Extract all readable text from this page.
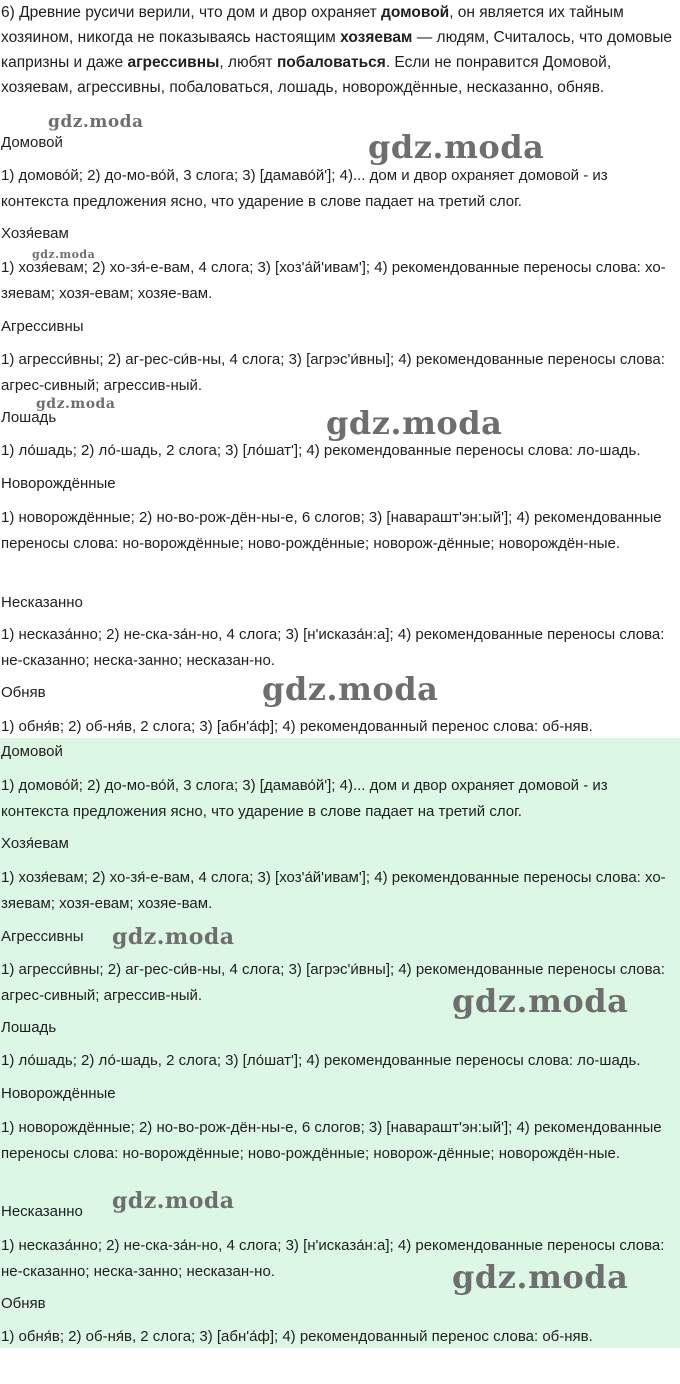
6) Древние русичи верили, что дом и двор охраняет домовой, он является их тайным хозяином, никогда не показываясь настоящим хозяевам — людям, Считалось, что домовые капризны и даже агрессивны, любят побаловаться. Если не понравится Домовой, хозяевам, агрессивны, побаловаться, лошадь, новорождённые, несказанно, обняв.
Домовой
1) домово́й; 2) до-мо-во́й, 3 слога; 3) [дамаво́й']; 4)... дом и двор охраняет домовой - из контекста предложения ясно, что ударение в слове падает на третий слог.
Хозя́евам
1) хозя́евам; 2) хо-зя́-е-вам, 4 слога; 3) [хоз'а́й'ивам']; 4) рекомендованные переносы слова: хо-зяевам; хозя-евам; хозяе-вам.
Агрессивны
1) агресси́вны; 2) аг-рес-си́в-ны, 4 слога; 3) [агрэс'и́вны]; 4) рекомендованные переносы слова: агрес-сивный; агрессив-ный.
Лошадь
1) ло́шадь; 2) ло́-шадь, 2 слога; 3) [ло́шат']; 4) рекомендованные переносы слова: ло-шадь.
Новорождённые
1) новорождённые; 2) но-во-рож-дён-ны-е, 6 слогов; 3) [наварашт'эн:ый']; 4) рекомендованные переносы слова: но-ворождённые; ново-рождённые; новорож-дённые; новорождён-ные.
Несказанно
1) несказа́нно; 2) не-ска-за́н-но, 4 слога; 3) [н'исказа́н:а]; 4) рекомендованные переносы слова: не-сказанно; неска-занно; несказан-но.
Обняв
1) обня́в; 2) об-ня́в, 2 слога; 3) [абн'а́ф]; 4) рекомендованный перенос слова: об-няв.
Домовой
1) домово́й; 2) до-мо-во́й, 3 слога; 3) [дамаво́й']; 4)... дом и двор охраняет домовой - из контекста предложения ясно, что ударение в слове падает на третий слог.
Хозя́евам
1) хозя́евам; 2) хо-зя́-е-вам, 4 слога; 3) [хоз'а́й'ивам']; 4) рекомендованные переносы слова: хо-зяевам; хозя-евам; хозяе-вам.
Агрессивны
1) агресси́вны; 2) аг-рес-си́в-ны, 4 слога; 3) [агрэс'и́вны]; 4) рекомендованные переносы слова: агрес-сивный; агрессив-ный.
Лошадь
1) ло́шадь; 2) ло́-шадь, 2 слога; 3) [ло́шат']; 4) рекомендованные переносы слова: ло-шадь.
Новорождённые
1) новорождённые; 2) но-во-рож-дён-ны-е, 6 слогов; 3) [наварашт'эн:ый']; 4) рекомендованные переносы слова: но-ворождённые; ново-рождённые; новорож-дённые; новорождён-ные.
Несказанно
1) несказа́нно; 2) не-ска-за́н-но, 4 слога; 3) [н'исказа́н:а]; 4) рекомендованные переносы слова: не-сказанно; неска-занно; несказан-но.
Обняв
1) обня́в; 2) об-ня́в, 2 слога; 3) [абн'а́ф]; 4) рекомендованный перенос слова: об-няв.
gdz.moda
gdz.moda
gdz.moda
gdz.moda	gdz.moda
gdz.moda
gdz.moda
gdz.moda
gdz.moda
gdz.moda
